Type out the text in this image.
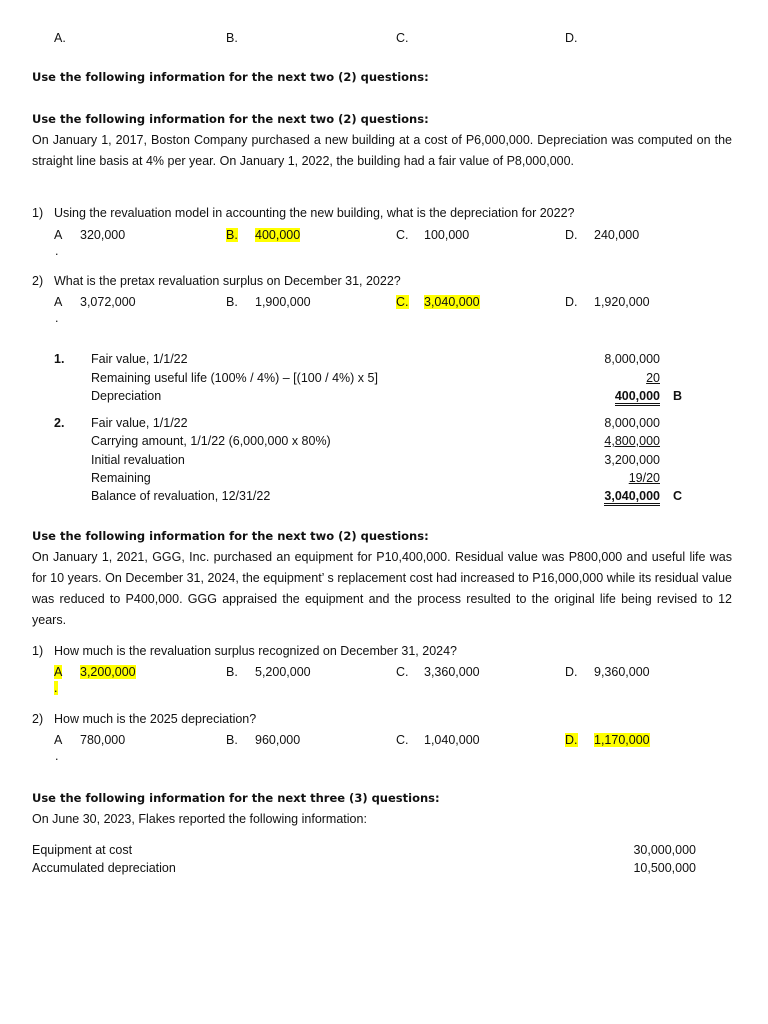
A.	B.	C.	D.
Use the following information for the next two (2) questions:
Use the following information for the next two (2) questions:
On January 1, 2017, Boston Company purchased a new building at a cost of P6,000,000. Depreciation was computed on the straight line basis at 4% per year. On January 1, 2022, the building had a fair value of P8,000,000.
1) Using the revaluation model in accounting the new building, what is the depreciation for 2022?
A 320,000	B. 400,000	C. 100,000	D. 240,000
.
2) What is the pretax revaluation surplus on December 31, 2022?
A 3,072,000	B. 1,900,000	C. 3,040,000	D. 1,920,000
.
1. Fair value, 1/1/22	8,000,000
Remaining useful life (100% / 4%) – [(100 / 4%) x 5]	20
Depreciation	400,000 B
2. Fair value, 1/1/22	8,000,000
Carrying amount, 1/1/22 (6,000,000 x 80%)	4,800,000
Initial revaluation	3,200,000
Remaining	19/20
Balance of revaluation, 12/31/22	3,040,000 C
Use the following information for the next two (2) questions:
On January 1, 2021, GGG, Inc. purchased an equipment for P10,400,000. Residual value was P800,000 and useful life was for 10 years. On December 31, 2024, the equipment’ s replacement cost had increased to P16,000,000 while its residual value was reduced to P400,000. GGG appraised the equipment and the process resulted to the original life being revised to 12 years.
1) How much is the revaluation surplus recognized on December 31, 2024?
A 3,200,000	B. 5,200,000	C. 3,360,000	D. 9,360,000
.
2) How much is the 2025 depreciation?
A 780,000	B. 960,000	C. 1,040,000	D. 1,170,000
.
Use the following information for the next three (3) questions:
On June 30, 2023, Flakes reported the following information:
Equipment at cost	30,000,000
Accumulated depreciation	10,500,000
